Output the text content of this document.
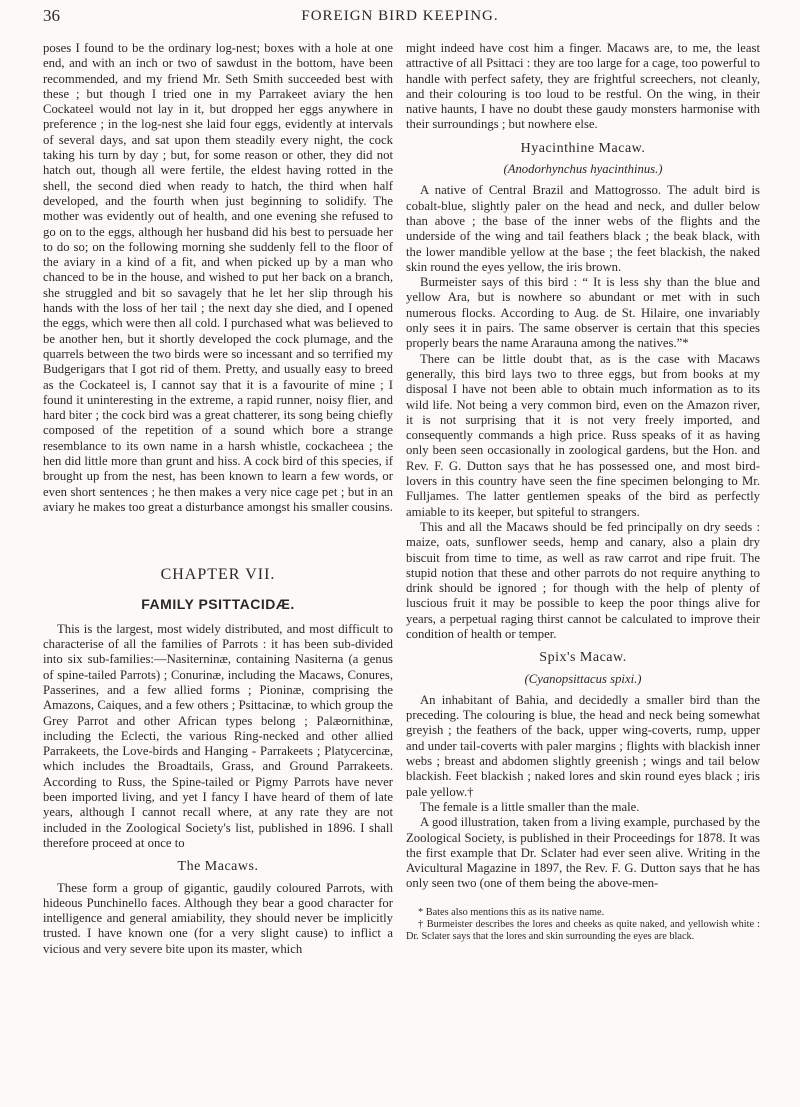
36	FOREIGN BIRD KEEPING.

poses I found to be the ordinary log-nest; boxes with a hole at one end, and with an inch or two of sawdust in the bottom, have been recommended, and my friend Mr. Seth Smith succeeded best with these ; but though I tried one in my Parrakeet aviary the hen Cockateel would not lay in it, but dropped her eggs anywhere in preference ; in the log-nest she laid four eggs, evidently at intervals of several days, and sat upon them steadily every night, the cock taking his turn by day ; but, for some reason or other, they did not hatch out, though all were fertile, the eldest having rotted in the shell, the second died when ready to hatch, the third when half developed, and the fourth when just beginning to solidify. The mother was evidently out of health, and one evening she refused to go on to the eggs, although her husband did his best to persuade her to do so; on the following morning she suddenly fell to the floor of the aviary in a kind of a fit, and when picked up by a man who chanced to be in the house, and wished to put her back on a branch, she struggled and bit so savagely that he let her slip through his hands with the loss of her tail ; the next day she died, and I opened the eggs, which were then all cold. I purchased what was believed to be another hen, but it shortly developed the cock plumage, and the quarrels between the two birds were so incessant and so terrified my Budgerigars that I got rid of them. Pretty, and usually easy to breed as the Cockateel is, I cannot say that it is a favourite of mine ; I found it uninteresting in the extreme, a rapid runner, noisy flier, and hard biter ; the cock bird was a great chatterer, its song being chiefly composed of the repetition of a sound which bore a strange resemblance to its own name in a harsh whistle, cockacheea ; the hen did little more than grunt and hiss. A cock bird of this species, if brought up from the nest, has been known to learn a few words, or even short sentences ; he then makes a very nice cage pet ; but in an aviary he makes too great a disturbance amongst his smaller cousins.

CHAPTER VII.
FAMILY PSITTACIDÆ.

This is the largest, most widely distributed, and most difficult to characterise of all the families of Parrots : it has been sub-divided into six sub-families:—Nasiterninæ, containing Nasiterna (a genus of spine-tailed Parrots) ; Conurinæ, including the Macaws, Conures, Passerines, and a few allied forms ; Pioninæ, comprising the Amazons, Caiques, and a few others ; Psittacinæ, to which group the Grey Parrot and other African types belong ; Palæornithinæ, including the Eclecti, the various Ring-necked and other allied Parrakeets, the Love-birds and Hanging - Parrakeets ; Platycercinæ, which includes the Broadtails, Grass, and Ground Parrakeets. According to Russ, the Spine-tailed or Pigmy Parrots have never been imported living, and yet I fancy I have heard of them of late years, although I cannot recall where, at any rate they are not included in the Zoological Society's list, published in 1896. I shall therefore proceed at once to

The Macaws.

These form a group of gigantic, gaudily coloured Parrots, with hideous Punchinello faces. Although they bear a good character for intelligence and general amiability, they should never be implicitly trusted. I have known one (for a very slight cause) to inflict a vicious and very severe bite upon its master, which

might indeed have cost him a finger. Macaws are, to me, the least attractive of all Psittaci : they are too large for a cage, too powerful to handle with perfect safety, they are frightful screechers, not cleanly, and their colouring is too loud to be restful. On the wing, in their native haunts, I have no doubt these gaudy monsters harmonise with their surroundings ; but nowhere else.

Hyacinthine Macaw.
(Anodorhynchus hyacinthinus.)

A native of Central Brazil and Mattogrosso. The adult bird is cobalt-blue, slightly paler on the head and neck, and duller below than above ; the base of the inner webs of the flights and the underside of the wing and tail feathers black ; the beak black, with the lower mandible yellow at the base ; the feet blackish, the naked skin round the eyes yellow, the iris brown.

Burmeister says of this bird : “ It is less shy than the blue and yellow Ara, but is nowhere so abundant or met with in such numerous flocks. According to Aug. de St. Hilaire, one invariably only sees it in pairs. The same observer is certain that this species properly bears the name Ararauna among the natives.”*

There can be little doubt that, as is the case with Macaws generally, this bird lays two to three eggs, but from books at my disposal I have not been able to obtain much information as to its wild life. Not being a very common bird, even on the Amazon river, it is not surprising that it is not very freely imported, and consequently commands a high price. Russ speaks of it as having only been seen occasionally in zoological gardens, but the Hon. and Rev. F. G. Dutton says that he has possessed one, and most bird-lovers in this country have seen the fine specimen belonging to Mr. Fulljames. The latter gentlemen speaks of the bird as perfectly amiable to its keeper, but spiteful to strangers.

This and all the Macaws should be fed principally on dry seeds : maize, oats, sunflower seeds, hemp and canary, also a plain dry biscuit from time to time, as well as raw carrot and ripe fruit. The stupid notion that these and other parrots do not require anything to drink should be ignored ; for though with the help of plenty of luscious fruit it may be possible to keep the poor things alive for years, a perpetual raging thirst cannot be calculated to improve their condition of health or temper.

Spix's Macaw.
(Cyanopsittacus spixi.)

An inhabitant of Bahia, and decidedly a smaller bird than the preceding. The colouring is blue, the head and neck being somewhat greyish ; the feathers of the back, upper wing-coverts, rump, upper and under tail-coverts with paler margins ; flights with blackish inner webs ; breast and abdomen slightly greenish ; wings and tail below blackish. Feet blackish ; naked lores and skin round eyes black ; iris pale yellow.†

The female is a little smaller than the male.

A good illustration, taken from a living example, purchased by the Zoological Society, is published in their Proceedings for 1878. It was the first example that Dr. Sclater had ever seen alive. Writing in the Avicultural Magazine in 1897, the Rev. F. G. Dutton says that he has only seen two (one of them being the above-men-

* Bates also mentions this as its native name.

† Burmeister describes the lores and cheeks as quite naked, and yellowish white : Dr. Sclater says that the lores and skin surrounding the eyes are black.
